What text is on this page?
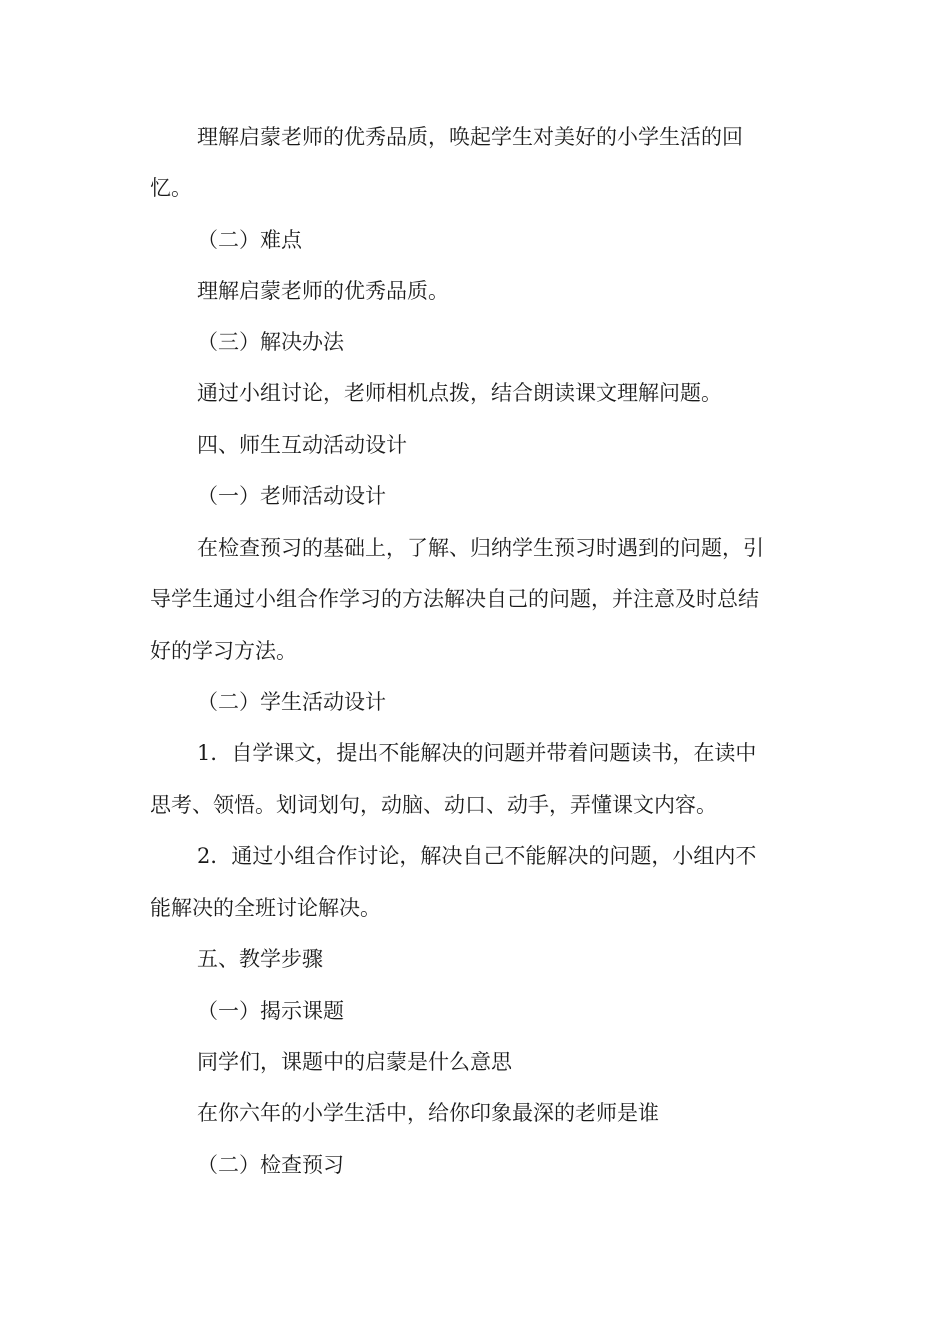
理解启蒙老师的优秀品质，唤起学生对美好的小学生活的回
忆。
（二）难点
理解启蒙老师的优秀品质。
（三）解决办法
通过小组讨论，老师相机点拨，结合朗读课文理解问题。
四、师生互动活动设计
（一）老师活动设计
在检查预习的基础上，了解、归纳学生预习时遇到的问题，引
导学生通过小组合作学习的方法解决自己的问题，并注意及时总结
好的学习方法。
（二）学生活动设计
1．自学课文，提出不能解决的问题并带着问题读书，在读中
思考、领悟。划词划句，动脑、动口、动手，弄懂课文内容。
2．通过小组合作讨论，解决自己不能解决的问题，小组内不
能解决的全班讨论解决。
五、教学步骤
（一）揭示课题
同学们，课题中的启蒙是什么意思
在你六年的小学生活中，给你印象最深的老师是谁
（二）检查预习
